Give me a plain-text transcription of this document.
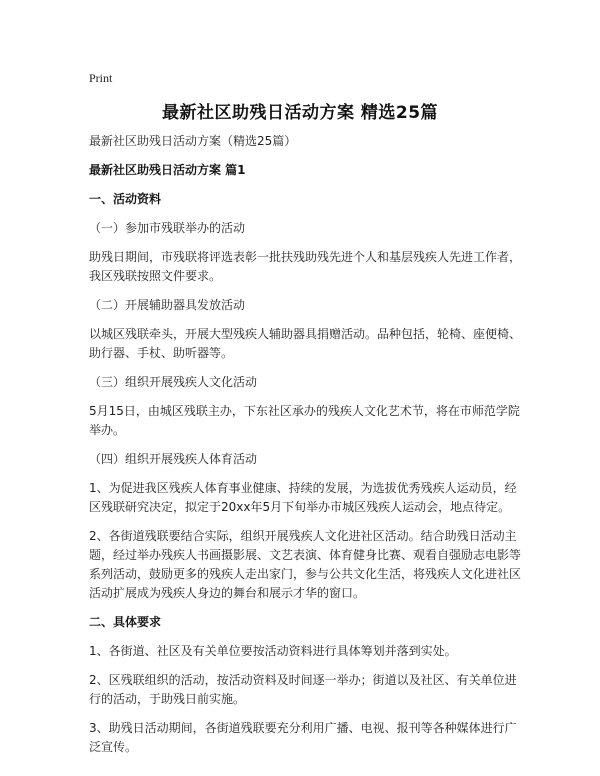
Print
最新社区助残日活动方案 精选25篇

最新社区助残日活动方案（精选25篇）

最新社区助残日活动方案 篇1

一、活动资料

（一）参加市残联举办的活动

助残日期间，市残联将评选表彰一批扶残助残先进个人和基层残疾人先进工作者，我区残联按照文件要求。

（二）开展辅助器具发放活动

以城区残联牵头，开展大型残疾人辅助器具捐赠活动。品种包括，轮椅、座便椅、助行器、手杖、助听器等。

（三）组织开展残疾人文化活动

5月15日，由城区残联主办，下东社区承办的残疾人文化艺术节，将在市师范学院举办。

（四）组织开展残疾人体育活动

1、为促进我区残疾人体育事业健康、持续的发展，为选拔优秀残疾人运动员，经区残联研究决定，拟定于20xx年5月下旬举办市城区残疾人运动会，地点待定。

2、各街道残联要结合实际，组织开展残疾人文化进社区活动。结合助残日活动主题，经过举办残疾人书画摄影展、文艺表演、体育健身比赛、观看自强励志电影等系列活动，鼓励更多的残疾人走出家门，参与公共文化生活，将残疾人文化进社区活动扩展成为残疾人身边的舞台和展示才华的窗口。

二、具体要求

1、各街道、社区及有关单位要按活动资料进行具体筹划并落到实处。

2、区残联组织的活动，按活动资料及时间逐一举办；街道以及社区、有关单位进行的活动，于助残日前实施。

3、助残日活动期间，各街道残联要充分利用广播、电视、报刊等各种媒体进行广泛宣传。
